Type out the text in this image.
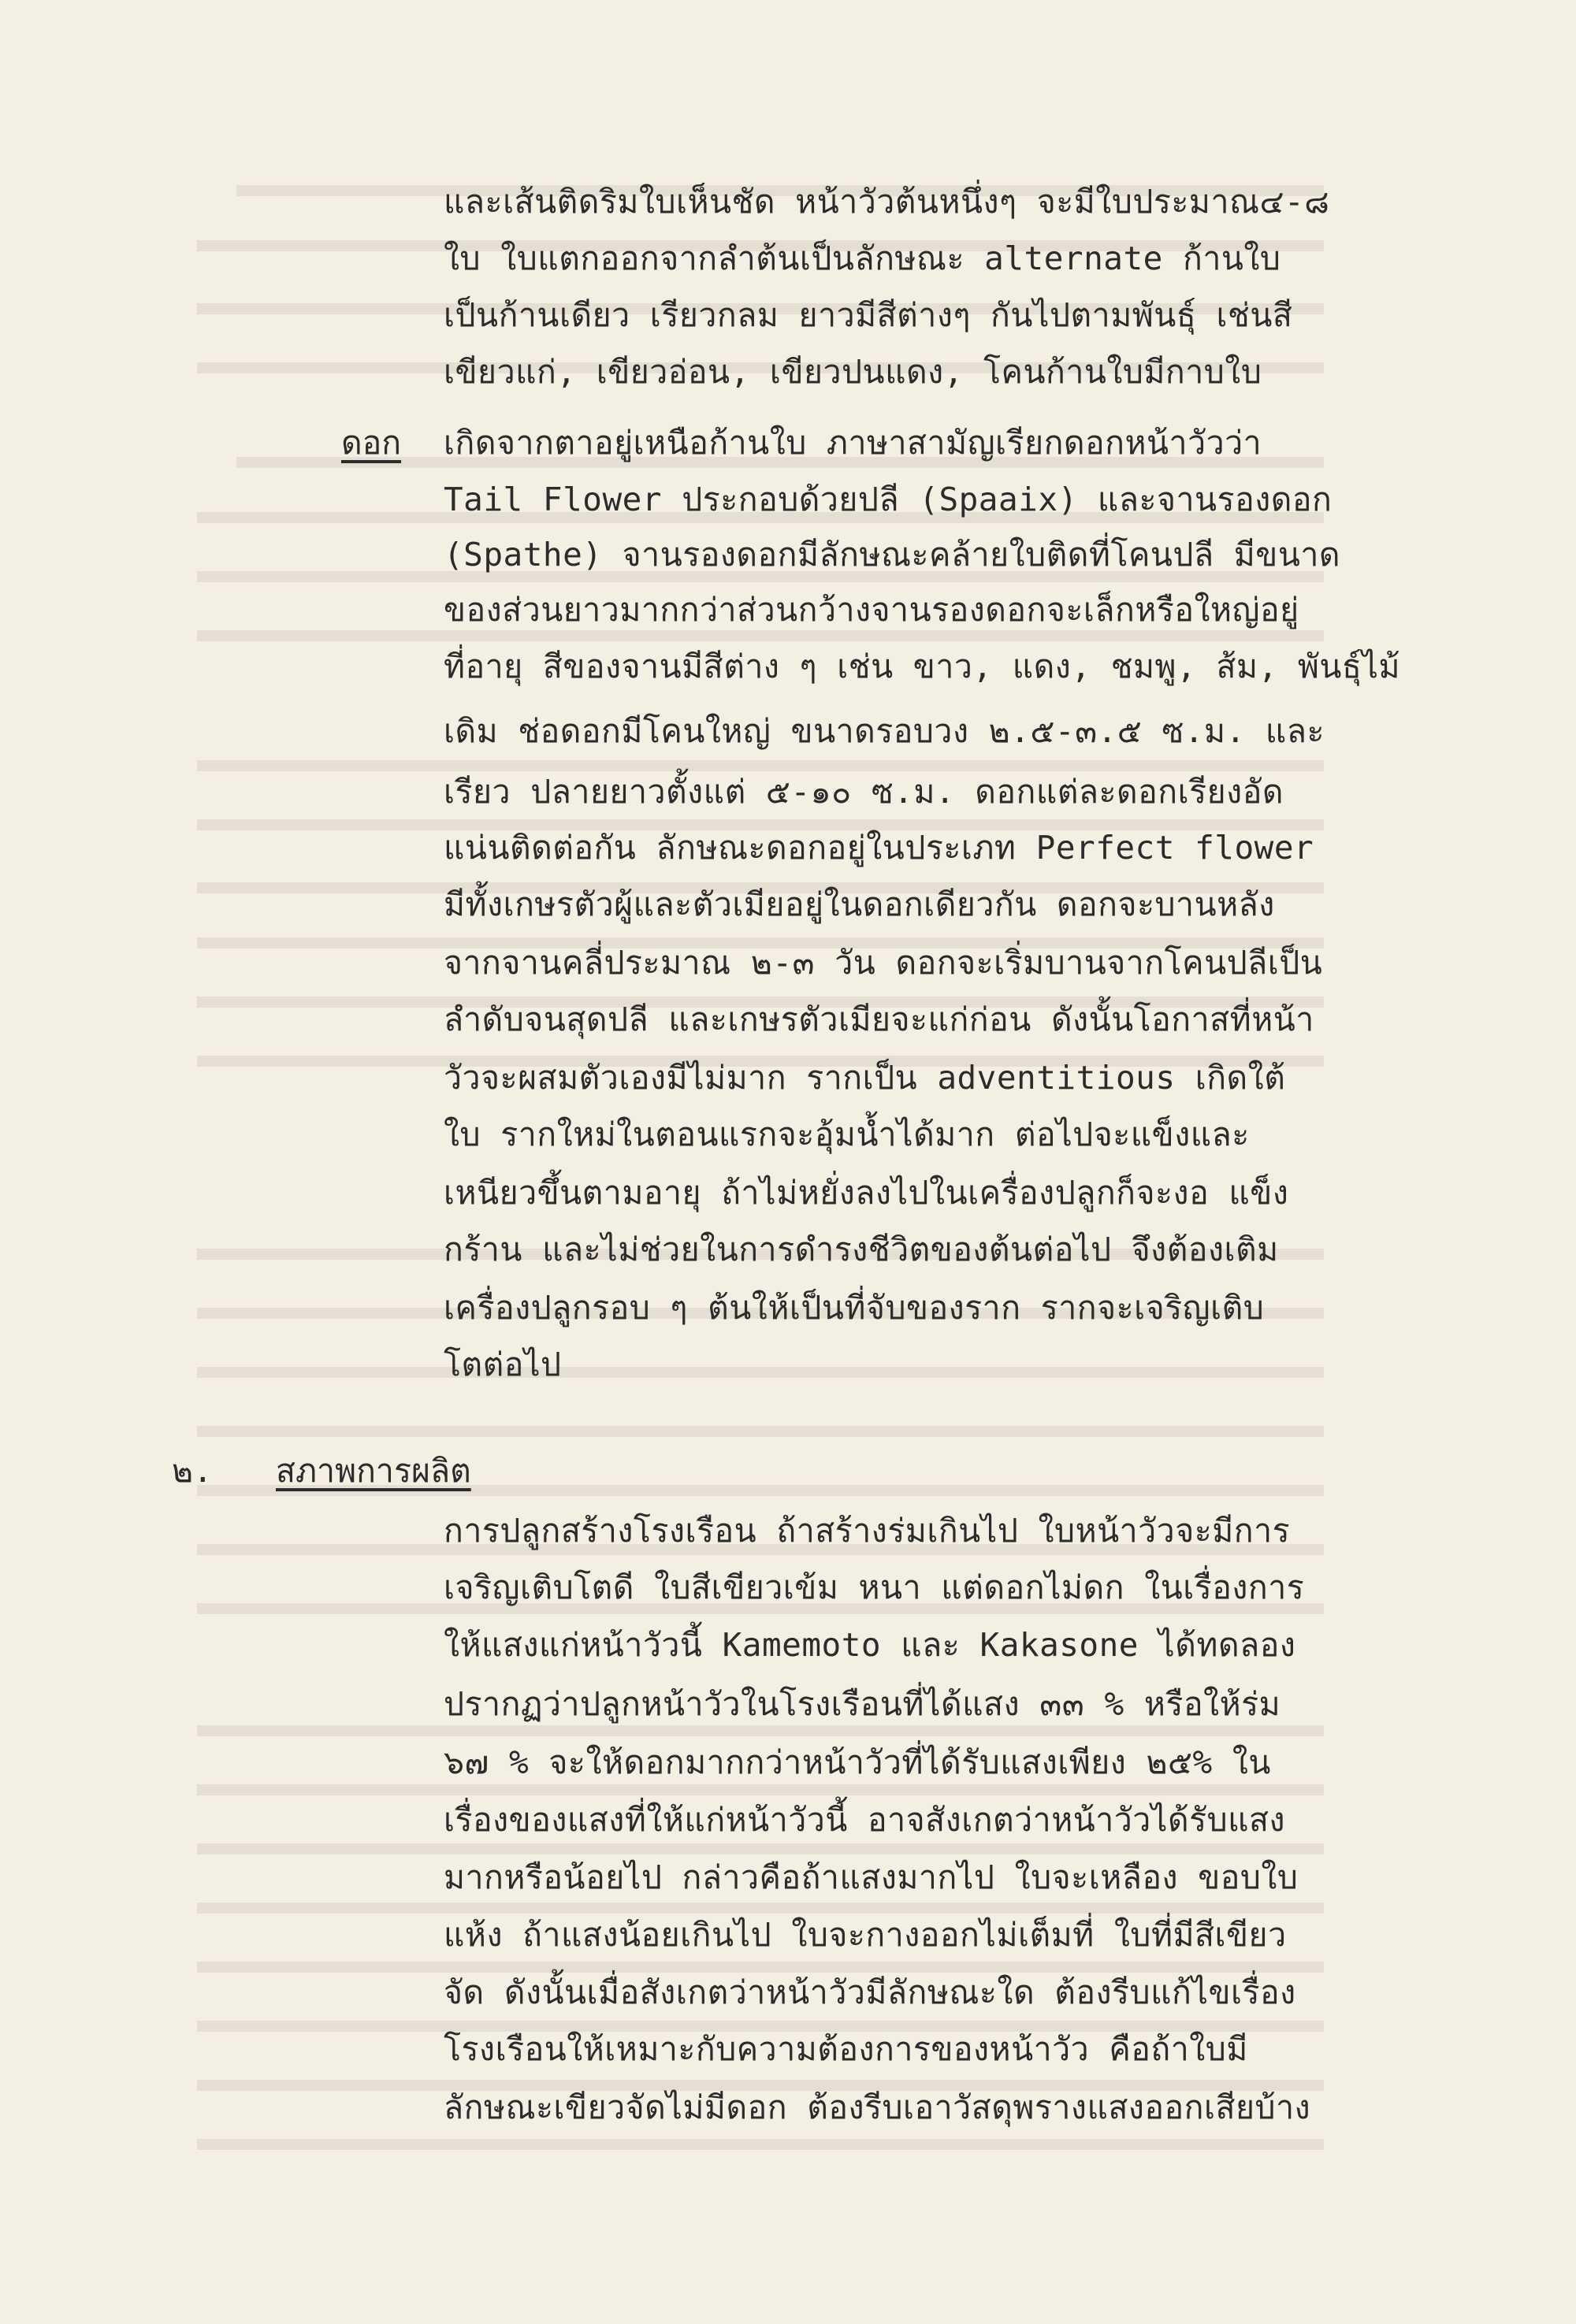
และเส้นติดริมใบเห็นชัด หน้าวัวต้นหนึ่งๆ จะมีใบประมาณ๔-๘
ใบ ใบแตกออกจากลำต้นเป็นลักษณะ alternate ก้านใบ
เป็นก้านเดียว เรียวกลม ยาวมีสีต่างๆ กันไปตามพันธุ์ เช่นสี
เขียวแก่, เขียวอ่อน, เขียวปนแดง, โคนก้านใบมีกาบใบ
ดอก เกิดจากตาอยู่เหนือก้านใบ ภาษาสามัญเรียกดอกหน้าวัวว่า
Tail Flower ประกอบด้วยปลี (Spaaix) และจานรองดอก
(Spathe) จานรองดอกมีลักษณะคล้ายใบติดที่โคนปลี มีขนาด
ของส่วนยาวมากกว่าส่วนกว้างจานรองดอกจะเล็กหรือใหญ่อยู่
ที่อายุ สีของจานมีสีต่าง ๆ เช่น ขาว, แดง, ชมพู, ส้ม, พันธุ์ไม้
เดิม ช่อดอกมีโคนใหญ่ ขนาดรอบวง ๒.๕-๓.๕ ซ.ม. และ
เรียว ปลายยาวตั้งแต่ ๕-๑๐ ซ.ม. ดอกแต่ละดอกเรียงอัด
แน่นติดต่อกัน ลักษณะดอกอยู่ในประเภท Perfect flower
มีทั้งเกษรตัวผู้และตัวเมียอยู่ในดอกเดียวกัน ดอกจะบานหลัง
จากจานคลี่ประมาณ ๒-๓ วัน ดอกจะเริ่มบานจากโคนปลีเป็น
ลำดับจนสุดปลี และเกษรตัวเมียจะแก่ก่อน ดังนั้นโอกาสที่หน้า
วัวจะผสมตัวเองมีไม่มาก รากเป็น adventitious เกิดใต้
ใบ รากใหม่ในตอนแรกจะอุ้มน้ำได้มาก ต่อไปจะแข็งและ
เหนียวขึ้นตามอายุ ถ้าไม่หยั่งลงไปในเครื่องปลูกก็จะงอ แข็ง
กร้าน และไม่ช่วยในการดำรงชีวิตของต้นต่อไป จึงต้องเติม
เครื่องปลูกรอบ ๆ ต้นให้เป็นที่จับของราก รากจะเจริญเติบ
โตต่อไป
๒. สภาพการผลิต
การปลูกสร้างโรงเรือน ถ้าสร้างร่มเกินไป ใบหน้าวัวจะมีการ
เจริญเติบโตดี ใบสีเขียวเข้ม หนา แต่ดอกไม่ดก ในเรื่องการ
ให้แสงแก่หน้าวัวนี้ Kamemoto และ Kakasone ได้ทดลอง
ปรากฏว่าปลูกหน้าวัวในโรงเรือนที่ได้แสง ๓๓ % หรือให้ร่ม
๖๗ % จะให้ดอกมากกว่าหน้าวัวที่ได้รับแสงเพียง ๒๕% ใน
เรื่องของแสงที่ให้แก่หน้าวัวนี้ อาจสังเกตว่าหน้าวัวได้รับแสง
มากหรือน้อยไป กล่าวคือถ้าแสงมากไป ใบจะเหลือง ขอบใบ
แห้ง ถ้าแสงน้อยเกินไป ใบจะกางออกไม่เต็มที่ ใบที่มีสีเขียว
จัด ดังนั้นเมื่อสังเกตว่าหน้าวัวมีลักษณะใด ต้องรีบแก้ไขเรื่อง
โรงเรือนให้เหมาะกับความต้องการของหน้าวัว คือถ้าใบมี
ลักษณะเขียวจัดไม่มีดอก ต้องรีบเอาวัสดุพรางแสงออกเสียบ้าง
